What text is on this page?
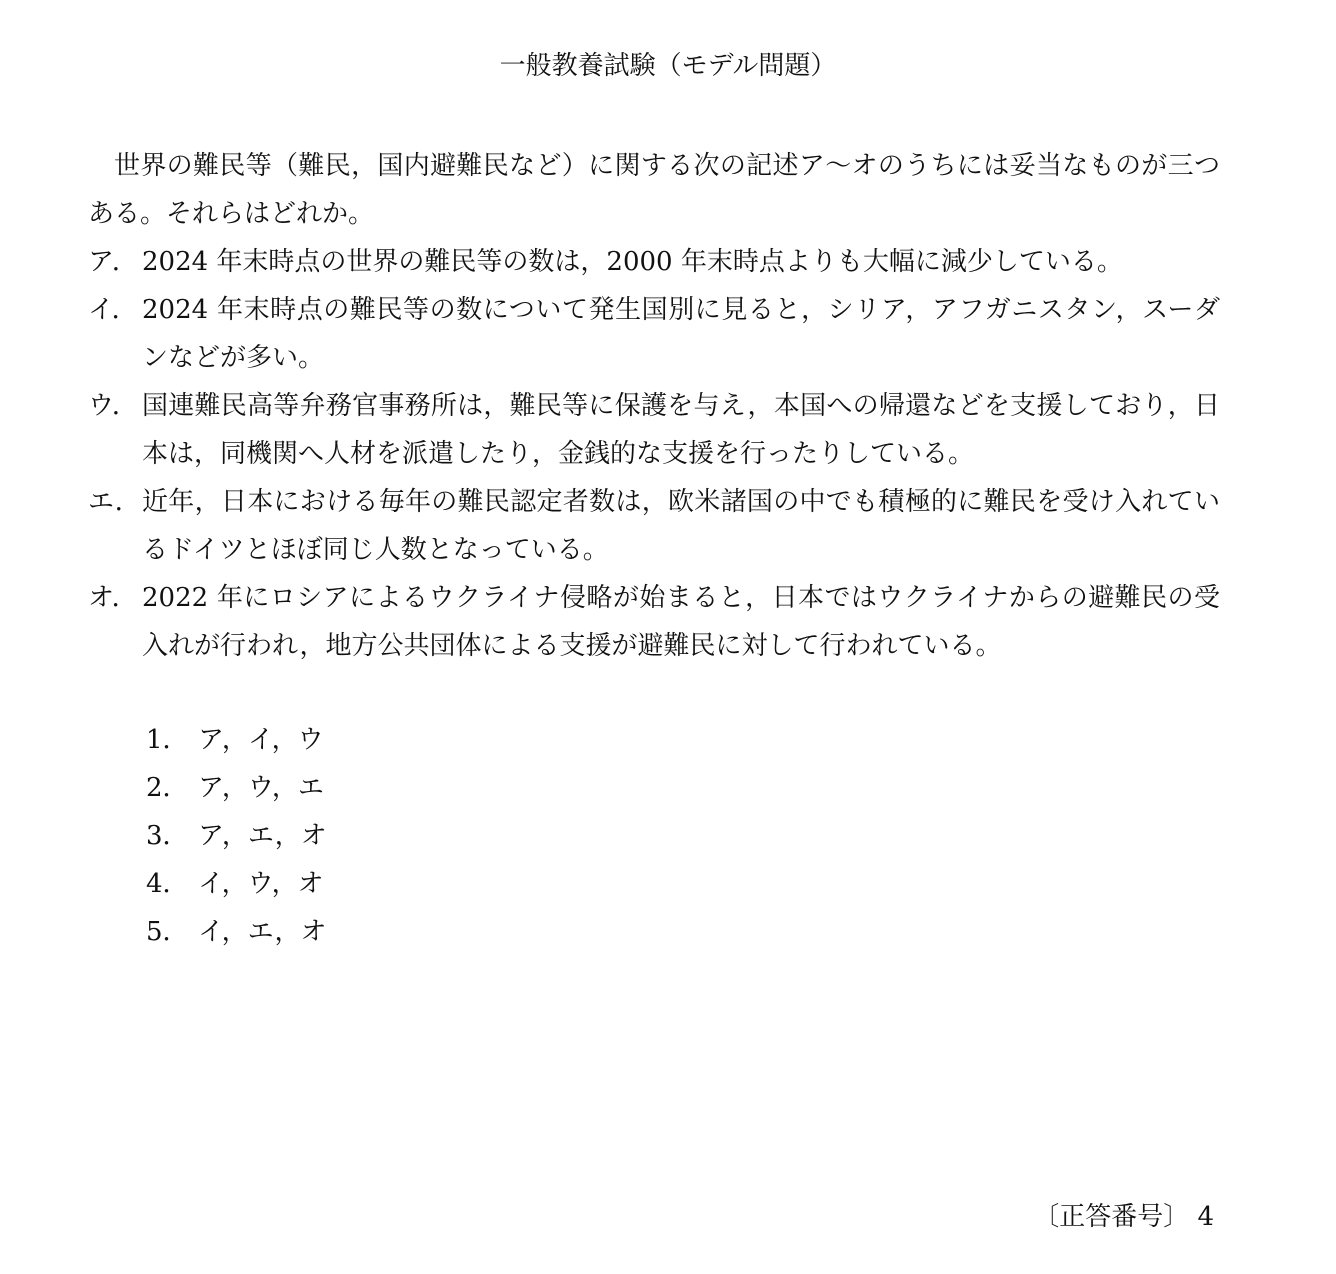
一般教養試験（モデル問題）

世界の難民等（難民，国内避難民など）に関する次の記述ア～オのうちには妥当なものが三つある。それらはどれか。

ア． 2024 年末時点の世界の難民等の数は，2000 年末時点よりも大幅に減少している。
イ． 2024 年末時点の難民等の数について発生国別に見ると，シリア，アフガニスタン，スーダンなどが多い。
ウ． 国連難民高等弁務官事務所は，難民等に保護を与え，本国への帰還などを支援しており，日本は，同機関へ人材を派遣したり，金銭的な支援を行ったりしている。
エ． 近年，日本における毎年の難民認定者数は，欧米諸国の中でも積極的に難民を受け入れているドイツとほぼ同じ人数となっている。
オ． 2022 年にロシアによるウクライナ侵略が始まると，日本ではウクライナからの避難民の受入れが行われ，地方公共団体による支援が避難民に対して行われている。
1． ア，イ，ウ
2． ア，ウ，エ
3． ア，エ，オ
4． イ，ウ，オ
5． イ，エ，オ
〔正答番号〕 4
